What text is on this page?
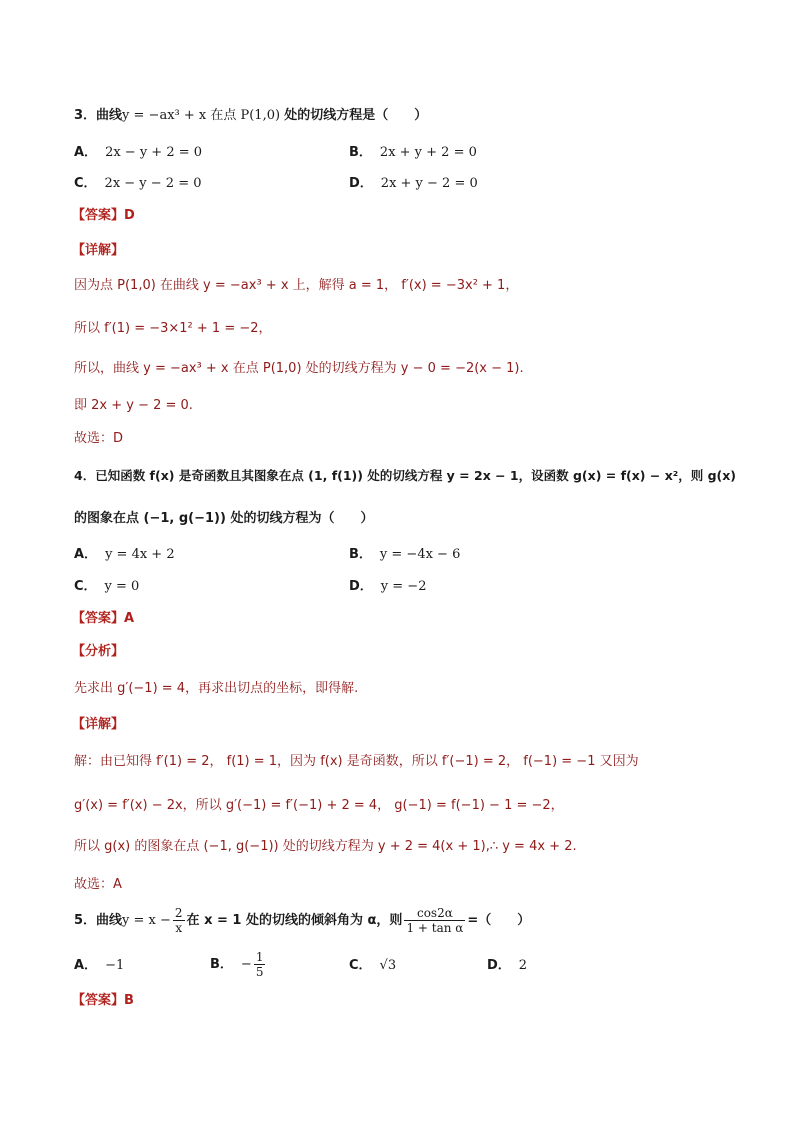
3．曲线y = −ax³ + x 在点 P(1,0) 处的切线方程是（　　）
A． 2x − y + 2 = 0	B． 2x + y + 2 = 0
C． 2x − y − 2 = 0	D． 2x + y − 2 = 0
【答案】D
【详解】
因为点 P(1,0) 在曲线 y = −ax³ + x 上，解得 a = 1， f′(x) = −3x² + 1，
所以 f′(1) = −3×1² + 1 = −2，
所以，曲线 y = −ax³ + x 在点 P(1,0) 处的切线方程为 y − 0 = −2(x − 1).
即 2x + y − 2 = 0.
故选：D
4．已知函数 f(x) 是奇函数且其图象在点 (1, f(1)) 处的切线方程 y = 2x − 1，设函数 g(x) = f(x) − x²，则 g(x)
的图象在点 (−1, g(−1)) 处的切线方程为（　　）
A． y = 4x + 2	B． y = −4x − 6
C． y = 0	D． y = −2
【答案】A
【分析】
先求出 g′(−1) = 4，再求出切点的坐标，即得解.
【详解】
解：由已知得 f′(1) = 2， f(1) = 1，因为 f(x) 是奇函数，所以 f′(−1) = 2， f(−1) = −1 又因为
g′(x) = f′(x) − 2x，所以 g′(−1) = f′(−1) + 2 = 4， g(−1) = f(−1) − 1 = −2，
所以 g(x) 的图象在点 (−1, g(−1)) 处的切线方程为 y + 2 = 4(x + 1),∴ y = 4x + 2.
故选：A
5．曲线$y = x - \frac{2}{x}$ 在 x = 1 处的切线的倾斜角为 α，则 $\frac{\cos 2\alpha}{\text{1 + tan α}}$ =（　　）
A． −1	B． − $\frac{1}{5}$	C． √3	D． 2
【答案】B
